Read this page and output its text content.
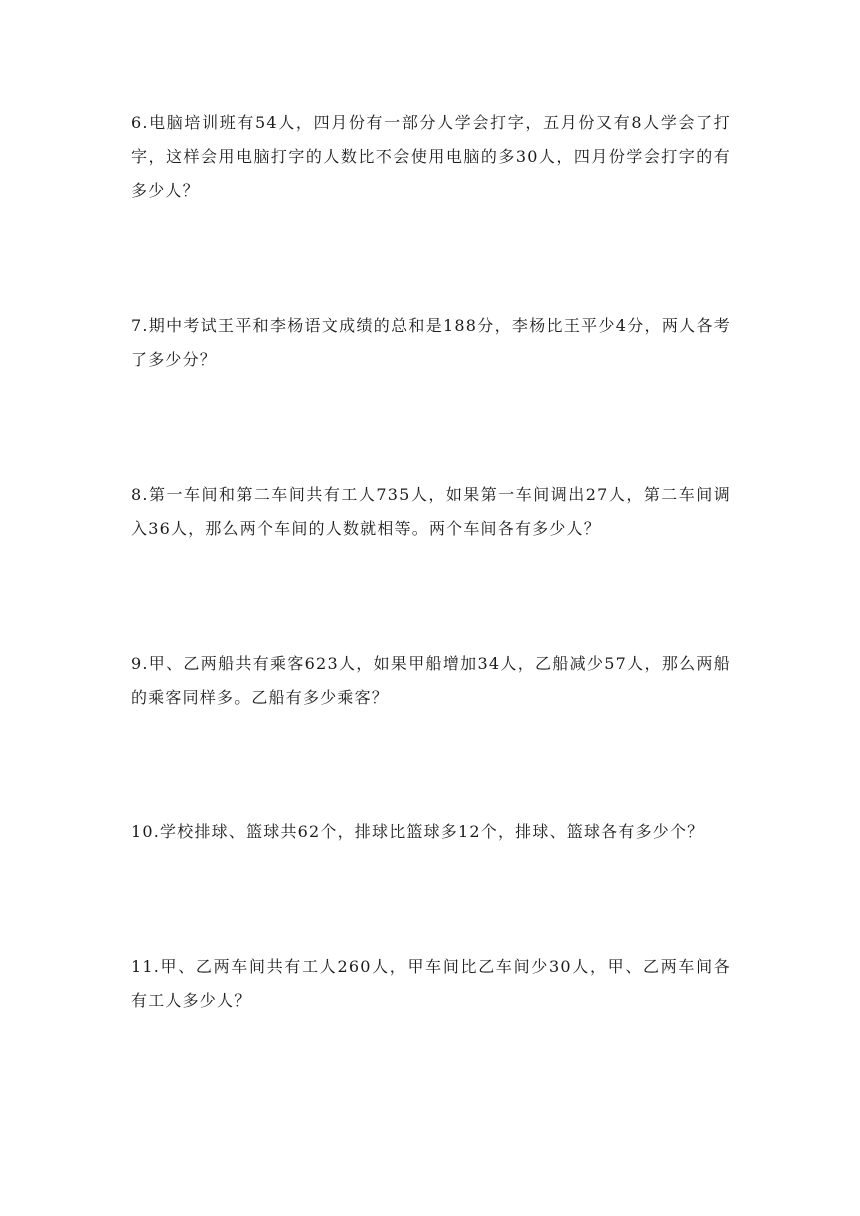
6.电脑培训班有54人，四月份有一部分人学会打字，五月份又有8人学会了打字，这样会用电脑打字的人数比不会使用电脑的多30人，四月份学会打字的有多少人？

7.期中考试王平和李杨语文成绩的总和是188分，李杨比王平少4分，两人各考了多少分？

8.第一车间和第二车间共有工人735人，如果第一车间调出27人，第二车间调入36人，那么两个车间的人数就相等。两个车间各有多少人？

9.甲、乙两船共有乘客623人，如果甲船增加34人，乙船减少57人，那么两船的乘客同样多。乙船有多少乘客？

10.学校排球、篮球共62个，排球比篮球多12个，排球、篮球各有多少个？

11.甲、乙两车间共有工人260人，甲车间比乙车间少30人，甲、乙两车间各有工人多少人？
